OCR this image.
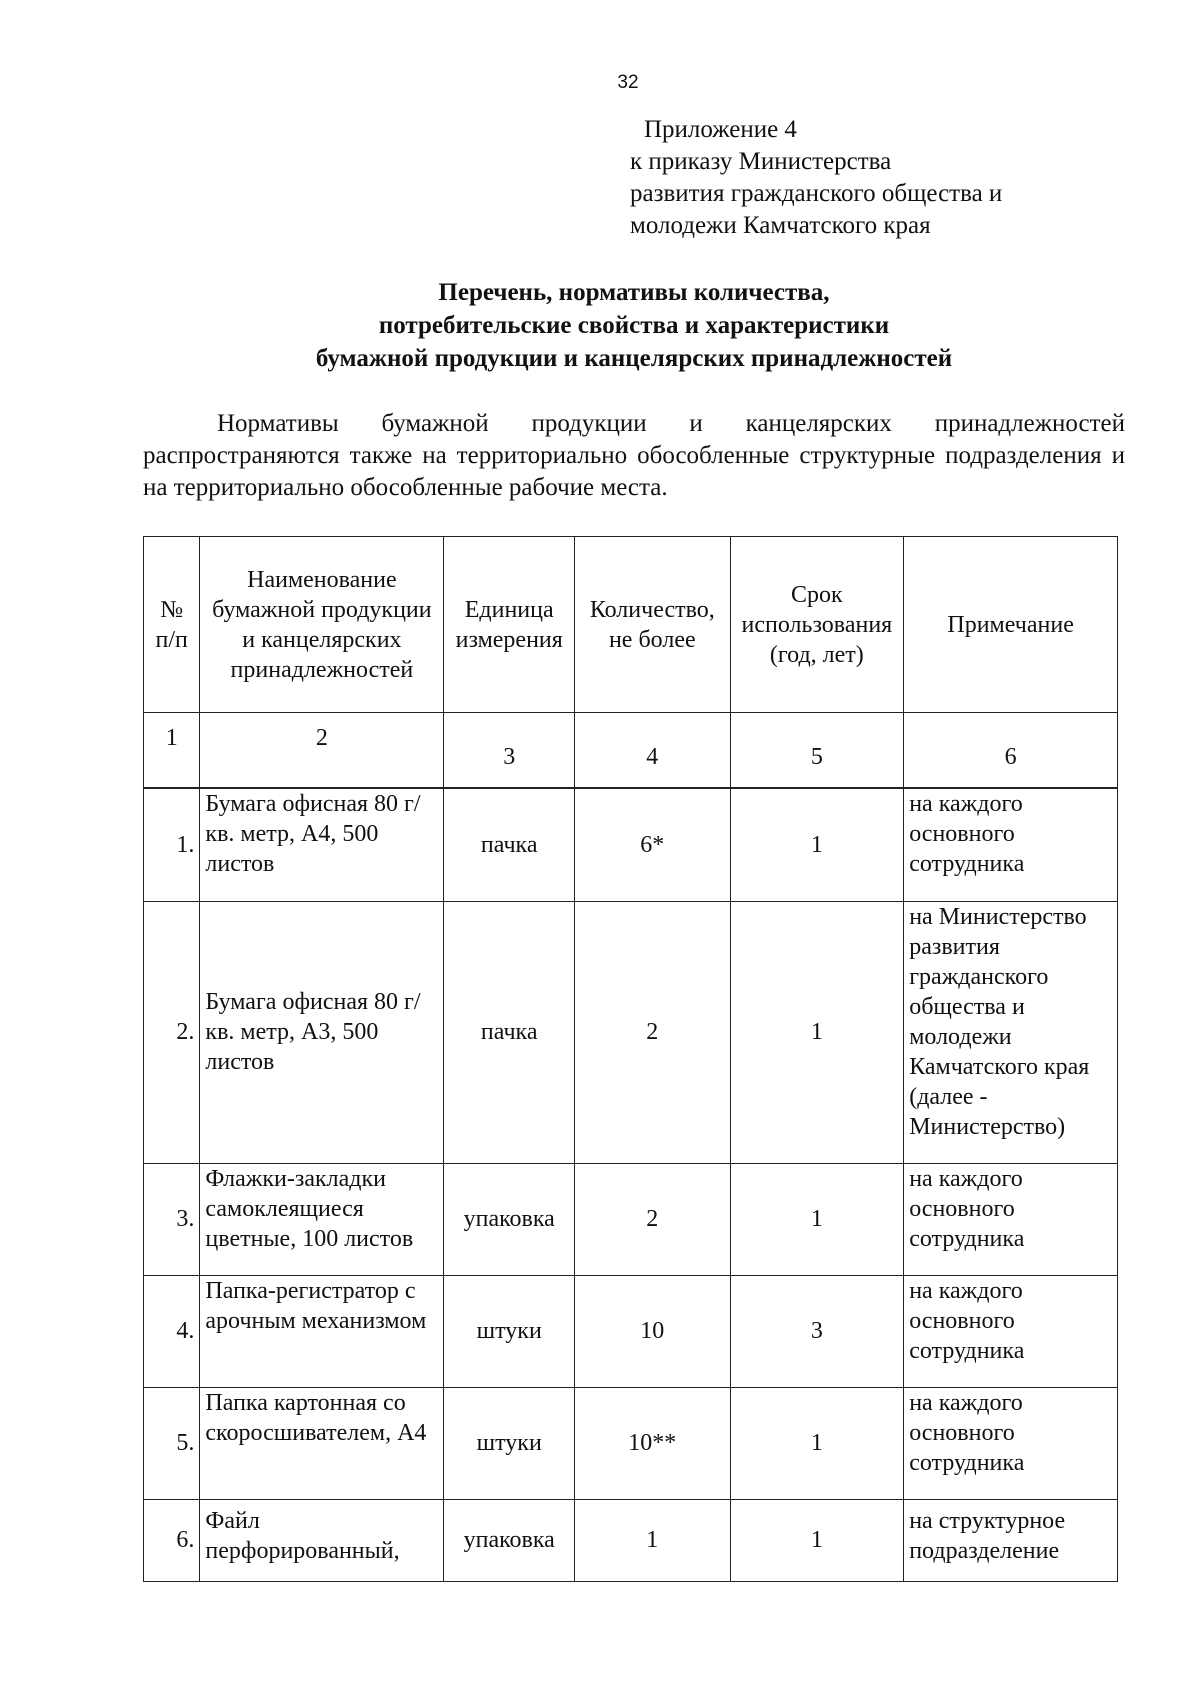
32
Приложение 4
к приказу Министерства
развития гражданского общества и
молодежи Камчатского края
Перечень, нормативы количества,
потребительские свойства и характеристики
бумажной продукции и канцелярских принадлежностей
Нормативы бумажной продукции и канцелярских принадлежностей распространяются также на территориально обособленные структурные подразделения и на территориально обособленные рабочие места.
№ п/п	Наименование бумажной продукции и канцелярских принадлежностей	Единица измерения	Количество, не более	Срок использования (год, лет)	Примечание
1	2	3	4	5	6
1.	Бумага офисная 80 г/кв. метр, А4, 500 листов	пачка	6*	1	на каждого основного сотрудника
2.	Бумага офисная 80 г/кв. метр, А3, 500 листов	пачка	2	1	на Министерство развития гражданского общества и молодежи Камчатского края (далее - Министерство)
3.	Флажки-закладки самоклеящиеся цветные, 100 листов	упаковка	2	1	на каждого основного сотрудника
4.	Папка-регистратор с арочным механизмом	штуки	10	3	на каждого основного сотрудника
5.	Папка картонная со скоросшивателем, А4	штуки	10**	1	на каждого основного сотрудника
6.	Файл перфорированный,	упаковка	1	1	на структурное подразделение
